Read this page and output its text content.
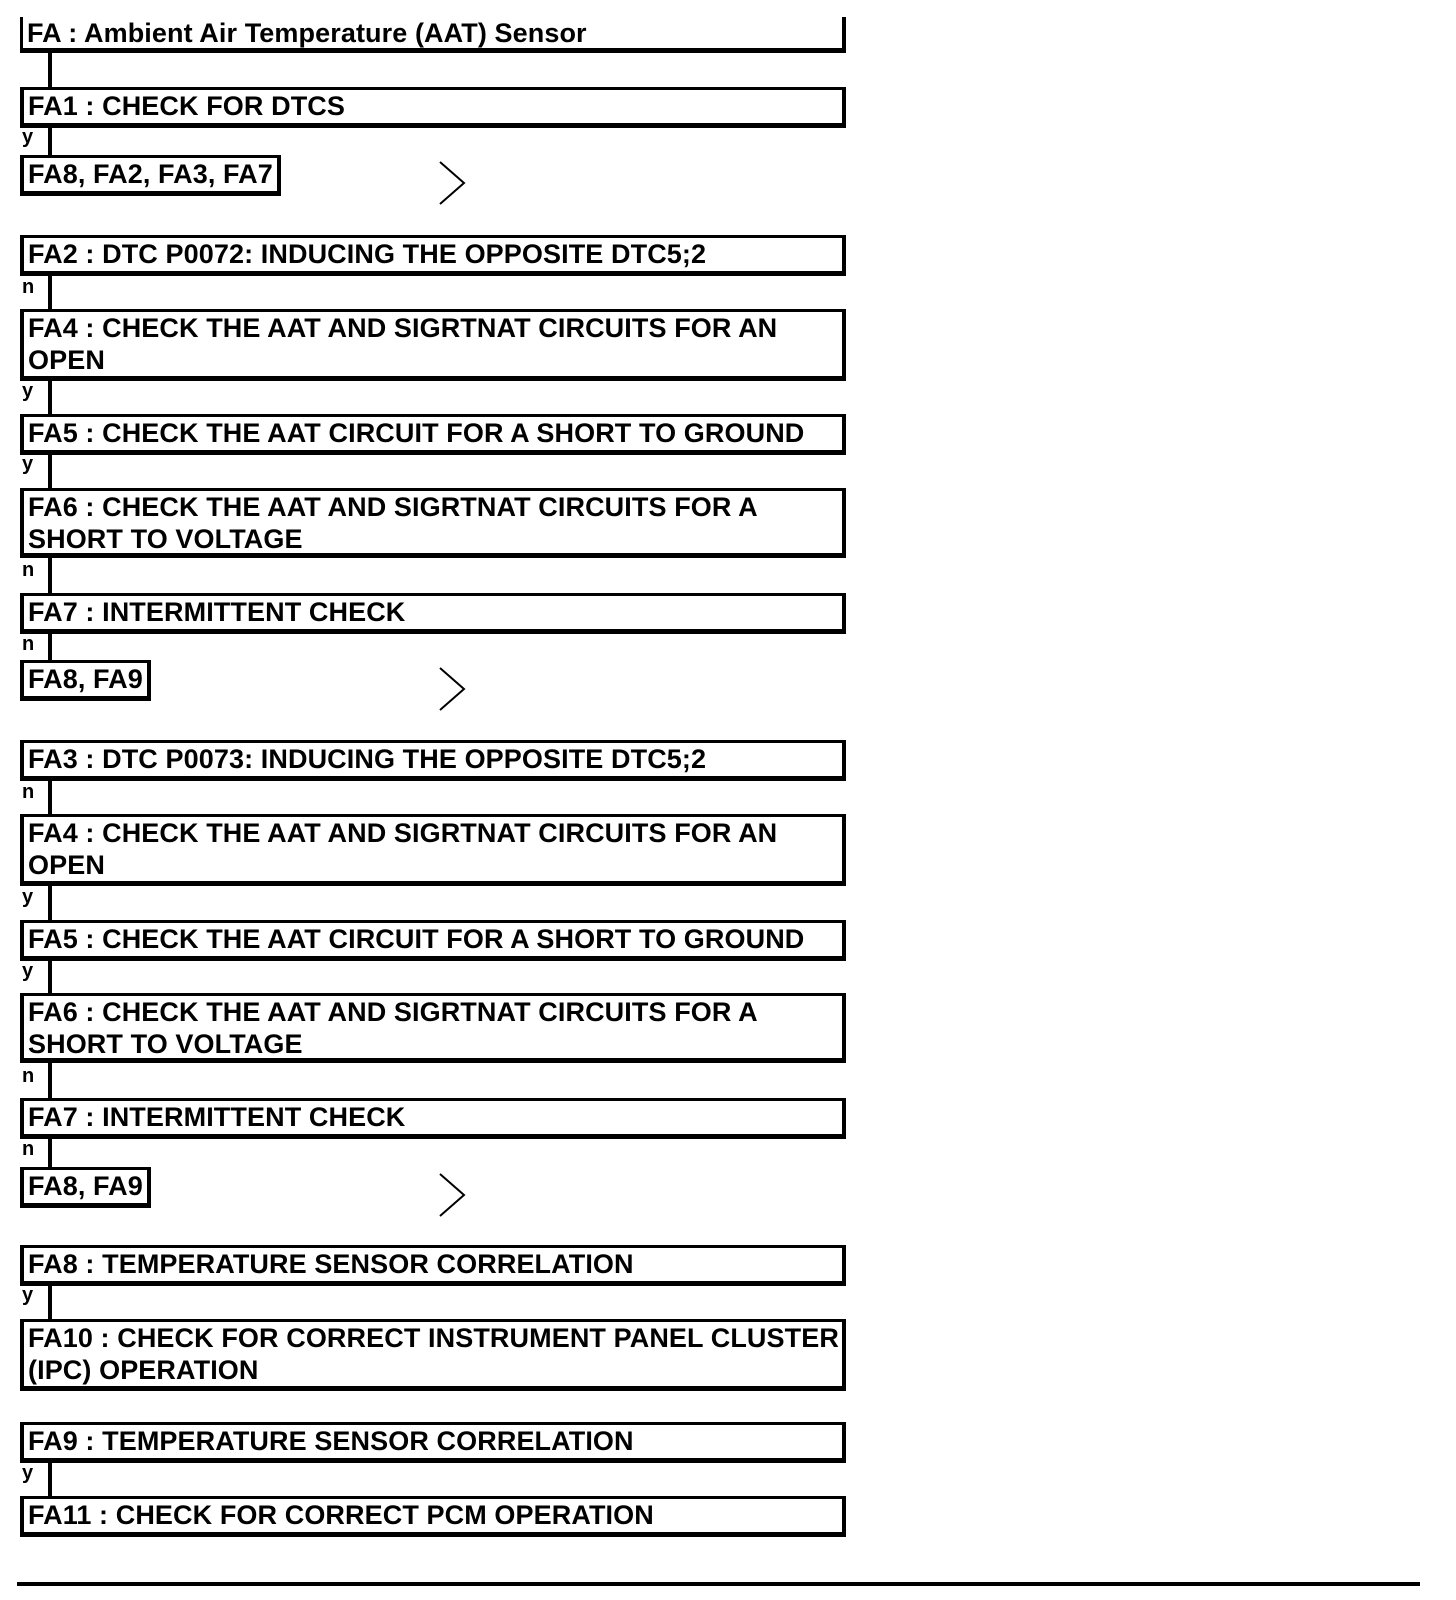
FA : Ambient Air Temperature (AAT) Sensor
FA1 : CHECK FOR DTCS
y
FA8, FA2, FA3, FA7
FA2 : DTC P0072: INDUCING THE OPPOSITE DTC5;2
n
FA4 : CHECK THE AAT AND SIGRTNAT CIRCUITS FOR AN OPEN
y
FA5 : CHECK THE AAT CIRCUIT FOR A SHORT TO GROUND
y
FA6 : CHECK THE AAT AND SIGRTNAT CIRCUITS FOR A SHORT TO VOLTAGE
n
FA7 : INTERMITTENT CHECK
n
FA8, FA9
FA3 : DTC P0073: INDUCING THE OPPOSITE DTC5;2
n
FA4 : CHECK THE AAT AND SIGRTNAT CIRCUITS FOR AN OPEN
y
FA5 : CHECK THE AAT CIRCUIT FOR A SHORT TO GROUND
y
FA6 : CHECK THE AAT AND SIGRTNAT CIRCUITS FOR A SHORT TO VOLTAGE
n
FA7 : INTERMITTENT CHECK
n
FA8, FA9
FA8 : TEMPERATURE SENSOR CORRELATION
y
FA10 : CHECK FOR CORRECT INSTRUMENT PANEL CLUSTER (IPC) OPERATION
FA9 : TEMPERATURE SENSOR CORRELATION
y
FA11 : CHECK FOR CORRECT PCM OPERATION
